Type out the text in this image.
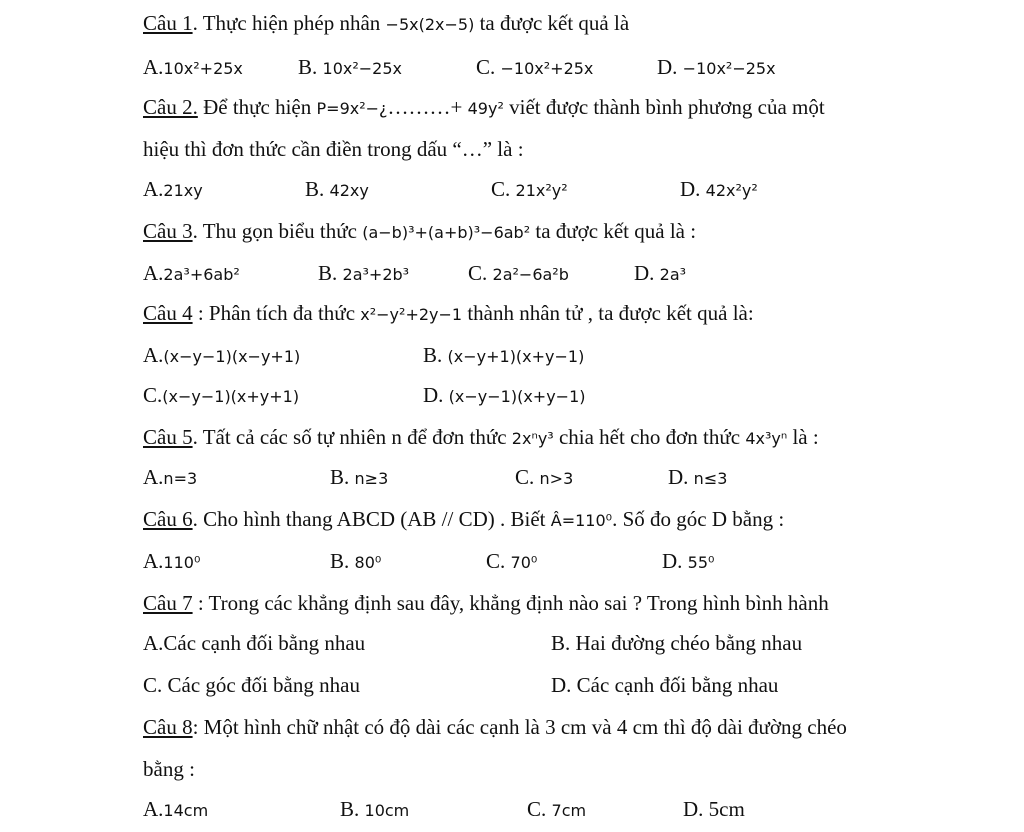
Câu 1. Thực hiện phép nhân −5x(2x−5) ta được kết quả là
A.10x²+25x	B. 10x²−25x	C. −10x²+25x	D. −10x²−25x
Câu 2. Để thực hiện P=9x²−¿………+ 49y² viết được thành bình phương của một
hiệu thì đơn thức cần điền trong dấu “…” là :
A.21xy	B. 42xy	C. 21x²y²	D. 42x²y²
Câu 3. Thu gọn biểu thức (a−b)³+(a+b)³−6ab² ta được kết quả là :
A.2a³+6ab²	B. 2a³+2b³	C. 2a²−6a²b	D. 2a³
Câu 4 : Phân tích đa thức x²−y²+2y−1 thành nhân tử , ta được kết quả là:
A.(x−y−1)(x−y+1)	B. (x−y+1)(x+y−1)
C.(x−y−1)(x+y+1)	D. (x−y−1)(x+y−1)
Câu 5. Tất cả các số tự nhiên n để đơn thức 2xⁿy³ chia hết cho đơn thức 4x³yⁿ là :
A.n=3	B. n≥3	C. n>3	D. n≤3
Câu 6. Cho hình thang ABCD (AB // CD) . Biết Â=110⁰. Số đo góc D bằng :
A.110⁰	B. 80⁰	C. 70⁰	D. 55⁰
Câu 7 : Trong các khẳng định sau đây, khẳng định nào sai ? Trong hình bình hành
A.Các cạnh đối bằng nhau	B. Hai đường chéo bằng nhau
C. Các góc đối bằng nhau	D. Các cạnh đối bằng nhau
Câu 8: Một hình chữ nhật có độ dài các cạnh là 3 cm và 4 cm thì độ dài đường chéo
bằng :
A.14cm	B. 10cm	C. 7cm	D. 5cm
